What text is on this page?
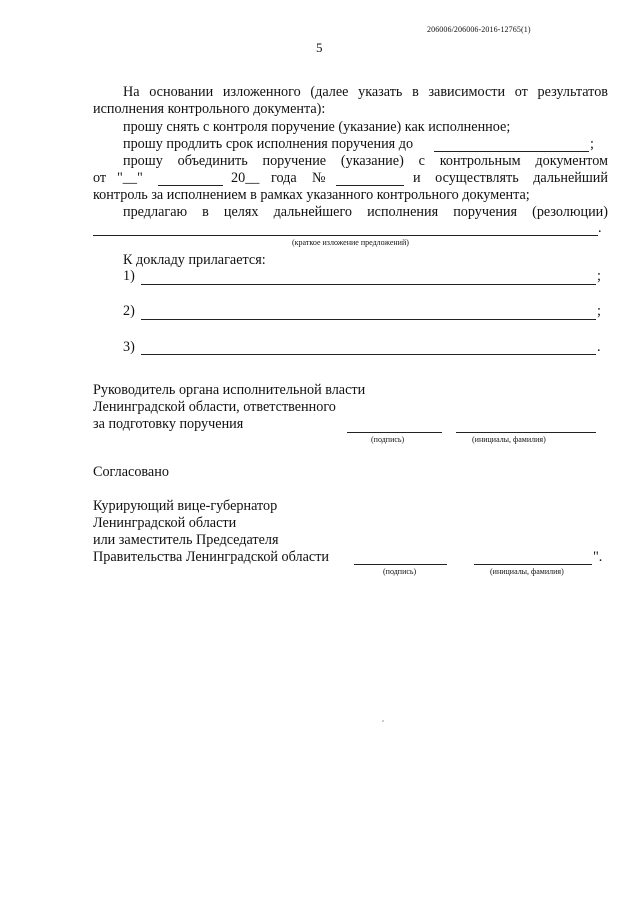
206006/206006-2016-12765(1)
5
На основании изложенного (далее указать в зависимости от результатов
исполнения контрольного документа):
прошу снять с контроля поручение (указание) как исполненное;
прошу продлить срок исполнения поручения до	;
прошу объединить поручение (указание) с контрольным документом
от "__"	20__ года №	и осуществлять дальнейший
контроль за исполнением в рамках указанного контрольного документа;
предлагаю в целях дальнейшего исполнения поручения (резолюции)
.
(краткое изложение предложений)
К докладу прилагается:
1)	;
2)	;
3)	.
Руководитель органа исполнительной власти
Ленинградской области, ответственного
за подготовку поручения
(подпись)	(инициалы, фамилия)
Согласовано
Курирующий вице-губернатор
Ленинградской области
или заместитель Председателя
Правительства Ленинградской области	".
(подпись)	(инициалы, фамилия)
